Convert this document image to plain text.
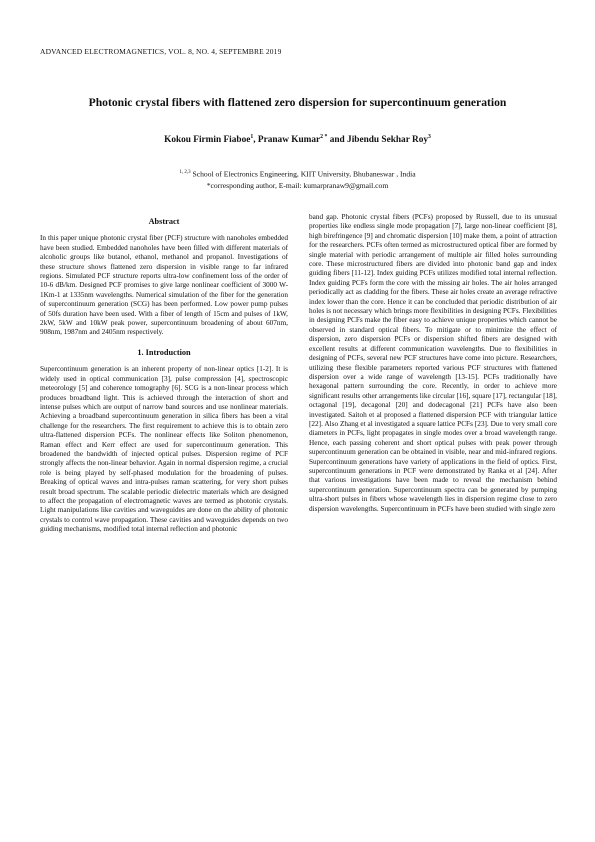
ADVANCED ELECTROMAGNETICS, VOL. 8, NO. 4, SEPTEMBRE 2019
Photonic crystal fibers with flattened zero dispersion for supercontinuum generation
Kokou Firmin Fiaboe$^1$, Pranaw Kumar$^{2 *}$ and Jibendu Sekhar Roy$^3$
$^{1, 2,3}$ School of Electronics Engineering, KIIT University, Bhubaneswar , India
*corresponding author, E-mail: kumarpranaw9@gmail.com
Abstract

In this paper unique photonic crystal fiber (PCF) structure with nanoholes embedded have been studied. Embedded nanoholes have been filled with different materials of alcoholic groups like butanol, ethanol, methanol and propanol. Investigations of these structure shows flattened zero dispersion in visible range to far infrared regions. Simulated PCF structure reports ultra-low confinement loss of the order of 10-6 dB/km. Designed PCF promises to give large nonlinear coefficient of 3000 W-1Km-1 at 1335nm wavelengths. Numerical simulation of the fiber for the generation of supercontinuum generation (SCG) has been performed. Low power pump pulses of 50fs duration have been used. With a fiber of length of 15cm and pulses of 1kW, 2kW, 5kW and 10kW peak power, supercontinuum broadening of about 607nm, 908nm, 1987nm and 2405nm respectively.

1. Introduction

Supercontinuum generation is an inherent property of non-linear optics [1-2]. It is widely used in optical communication [3], pulse compression [4], spectroscopic meteorology [5] and coherence tomography [6]. SCG is a non-linear process which produces broadband light. This is achieved through the interaction of short and intense pulses which are output of narrow band sources and use nonlinear materials. Achieving a broadband supercontinuum generation in silica fibers has been a vital challenge for the researchers. The first requirement to achieve this is to obtain zero ultra-flattened dispersion PCFs. The nonlinear effects like Soliton phenomenon, Raman effect and Kerr effect are used for supercontinuum generation. This broadened the bandwidth of injected optical pulses. Dispersion regime of PCF strongly affects the non-linear behavior. Again in normal dispersion regime, a crucial role is being played by self-phased modulation for the broadening of pulses. Breaking of optical waves and intra-pulses raman scattering, for very short pulses result broad spectrum. The scalable periodic dielectric materials which are designed to affect the propagation of electromagnetic waves are termed as photonic crystals. Light manipulations like cavities and waveguides are done on the ability of photonic crystals to control wave propagation. These cavities and waveguides depends on two guiding mechanisms, modified total internal reflection and photonic

band gap. Photonic crystal fibers (PCFs) proposed by Russell, due to its unusual properties like endless single mode propagation [7], large non-linear coefficient [8], high birefringence [9] and chromatic dispersion [10] make them, a point of attraction for the researchers. PCFs often termed as microstructured optical fiber are formed by single material with periodic arrangement of multiple air filled holes surrounding core. These microstructured fibers are divided into photonic band gap and index guiding fibers [11-12]. Index guiding PCFs utilizes modified total internal reflection. Index guiding PCFs form the core with the missing air holes. The air holes arranged periodically act as cladding for the fibers. These air holes create an average refractive index lower than the core. Hence it can be concluded that periodic distribution of air holes is not necessary which brings more flexibilities in designing PCFs. Flexibilities in designing PCFs make the fiber easy to achieve unique properties which cannot be observed in standard optical fibers. To mitigate or to minimize the effect of dispersion, zero dispersion PCFs or dispersion shifted fibers are designed with excellent results at different communication wavelengths. Due to flexibilities in designing of PCFs, several new PCF structures have come into picture. Researchers, utilizing these flexible parameters reported various PCF structures with flattened dispersion over a wide range of wavelength [13-15]. PCFs traditionally have hexagonal pattern surrounding the core. Recently, in order to achieve more significant results other arrangements like circular [16], square [17], rectangular [18], octagonal [19], decagonal [20] and dodecagonal [21] PCFs have also been investigated. Saitoh et al proposed a flattened dispersion PCF with triangular lattice [22]. Also Zhang et al investigated a square lattice PCFs [23]. Due to very small core diameters in PCFs, light propagates in single modes over a broad wavelength range. Hence, each passing coherent and short optical pulses with peak power through supercontinuum generation can be obtained in visible, near and mid-infrared regions. Supercontinuum generations have variety of applications in the field of optics. First, supercontinuum generations in PCF were demonstrated by Ranka et al [24]. After that various investigations have been made to reveal the mechanism behind supercontinuum generation. Supercontinuum spectra can be generated by pumping ultra-short pulses in fibers whose wavelength lies in dispersion regime close to zero dispersion wavelengths. Supercontinuum in PCFs have been studied with single zero
